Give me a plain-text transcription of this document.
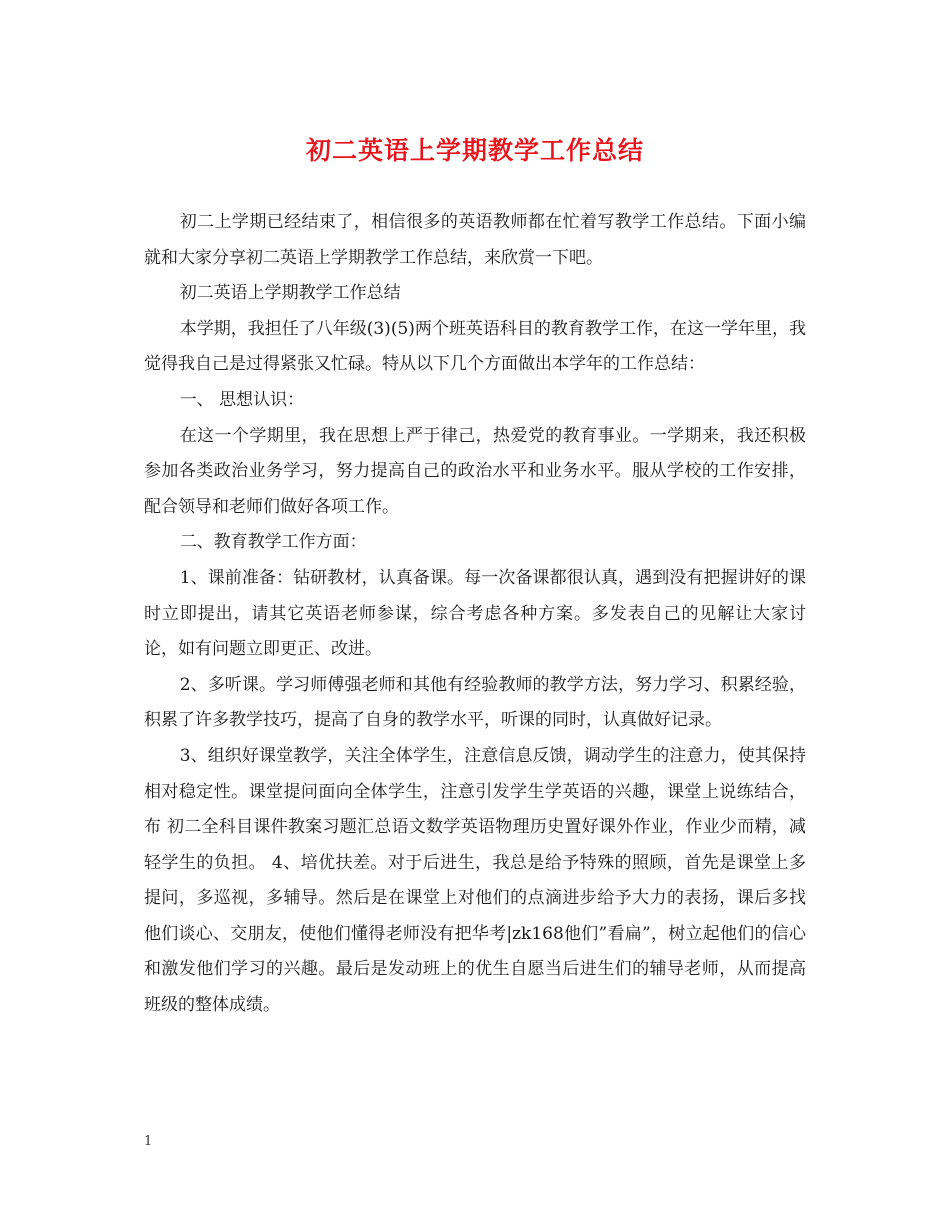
初二英语上学期教学工作总结

初二上学期已经结束了，相信很多的英语教师都在忙着写教学工作总结。下面小编就和大家分享初二英语上学期教学工作总结，来欣赏一下吧。

初二英语上学期教学工作总结

本学期，我担任了八年级(3)(5)两个班英语科目的教育教学工作，在这一学年里，我觉得我自己是过得紧张又忙碌。特从以下几个方面做出本学年的工作总结：

一、 思想认识：

在这一个学期里，我在思想上严于律己，热爱党的教育事业。一学期来，我还积极参加各类政治业务学习，努力提高自己的政治水平和业务水平。服从学校的工作安排，配合领导和老师们做好各项工作。

二、教育教学工作方面：

1、课前准备：钻研教材，认真备课。每一次备课都很认真，遇到没有把握讲好的课时立即提出，请其它英语老师参谋，综合考虑各种方案。多发表自己的见解让大家讨论，如有问题立即更正、改进。

2、多听课。学习师傅强老师和其他有经验教师的教学方法，努力学习、积累经验，积累了许多教学技巧，提高了自身的教学水平，听课的同时，认真做好记录。

3、组织好课堂教学，关注全体学生，注意信息反馈，调动学生的注意力，使其保持相对稳定性。课堂提问面向全体学生，注意引发学生学英语的兴趣，课堂上说练结合，布 初二全科目课件教案习题汇总语文数学英语物理历史置好课外作业，作业少而精，减轻学生的负担。 4、培优扶差。对于后进生，我总是给予特殊的照顾，首先是课堂上多提问，多巡视，多辅导。然后是在课堂上对他们的点滴进步给予大力的表扬，课后多找他们谈心、交朋友，使他们懂得老师没有把华考|zk168他们”看扁”，树立起他们的信心和激发他们学习的兴趣。最后是发动班上的优生自愿当后进生们的辅导老师，从而提高班级的整体成绩。

1
